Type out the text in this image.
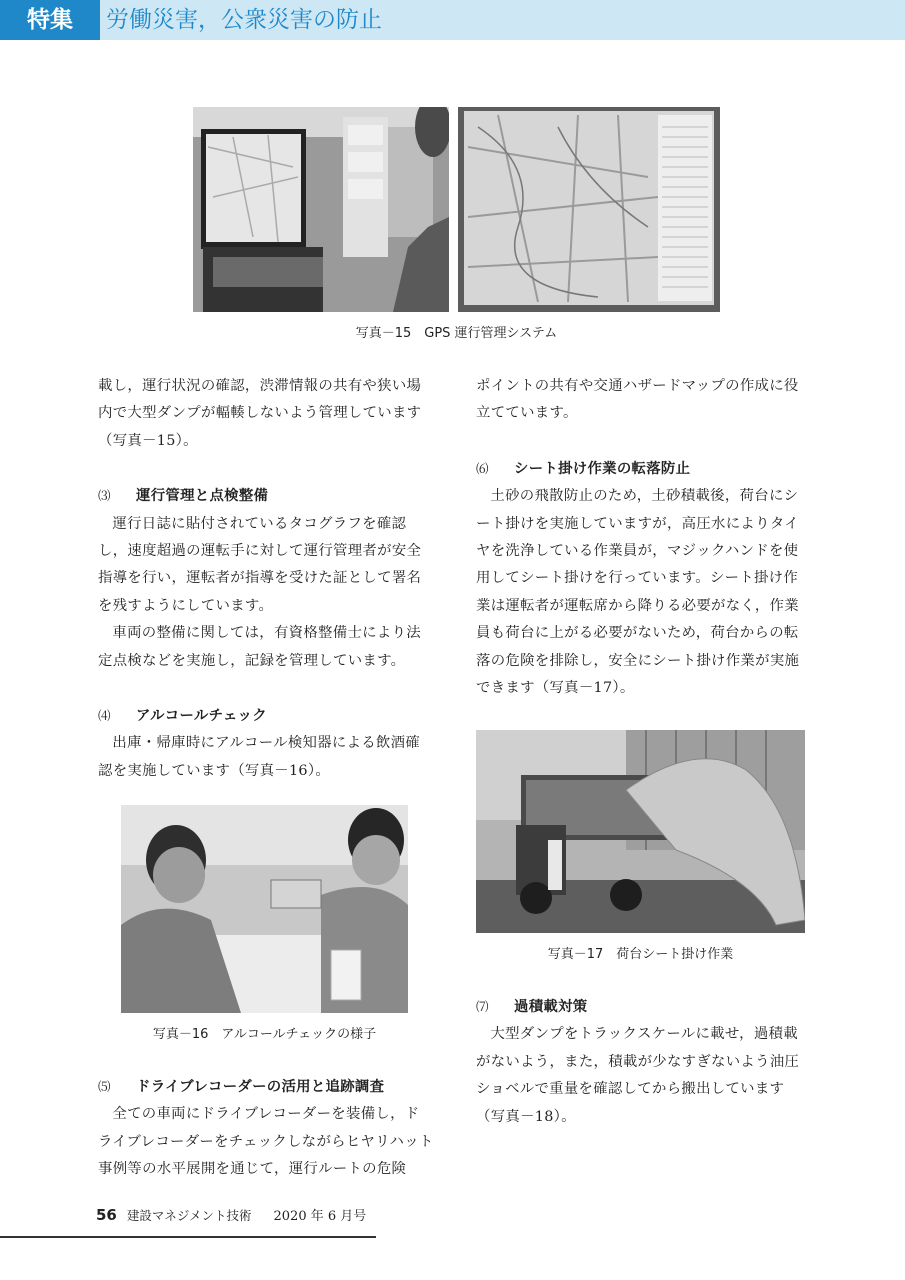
特集	労働災害，公衆災害の防止
写真－15　GPS 運行管理システム

載し，運行状況の確認，渋滞情報の共有や狭い場内で大型ダンプが輻輳しないよう管理しています（写真－15）。

⑶ 運行管理と点検整備

運行日誌に貼付されているタコグラフを確認し，速度超過の運転手に対して運行管理者が安全指導を行い，運転者が指導を受けた証として署名を残すようにしています。

車両の整備に関しては，有資格整備士により法定点検などを実施し，記録を管理しています。

⑷ アルコールチェック

出庫・帰庫時にアルコール検知器による飲酒確認を実施しています（写真－16）。

写真－16　アルコールチェックの様子
⑸ ドライブレコーダーの活用と追跡調査

全ての車両にドライブレコーダーを装備し，ドライブレコーダーをチェックしながらヒヤリハット事例等の水平展開を通じて，運行ルートの危険

ポイントの共有や交通ハザードマップの作成に役立てています。

⑹ シート掛け作業の転落防止

土砂の飛散防止のため，土砂積載後，荷台にシート掛けを実施していますが，高圧水によりタイヤを洗浄している作業員が，マジックハンドを使用してシート掛けを行っています。シート掛け作業は運転者が運転席から降りる必要がなく，作業員も荷台に上がる必要がないため，荷台からの転落の危険を排除し，安全にシート掛け作業が実施できます（写真－17）。

写真－17　荷台シート掛け作業
⑺ 過積載対策

大型ダンプをトラックスケールに載せ，過積載がないよう，また，積載が少なすぎないよう油圧ショベルで重量を確認してから搬出しています（写真－18）。

56 建設マネジメント技術 2020 年 6 月号
